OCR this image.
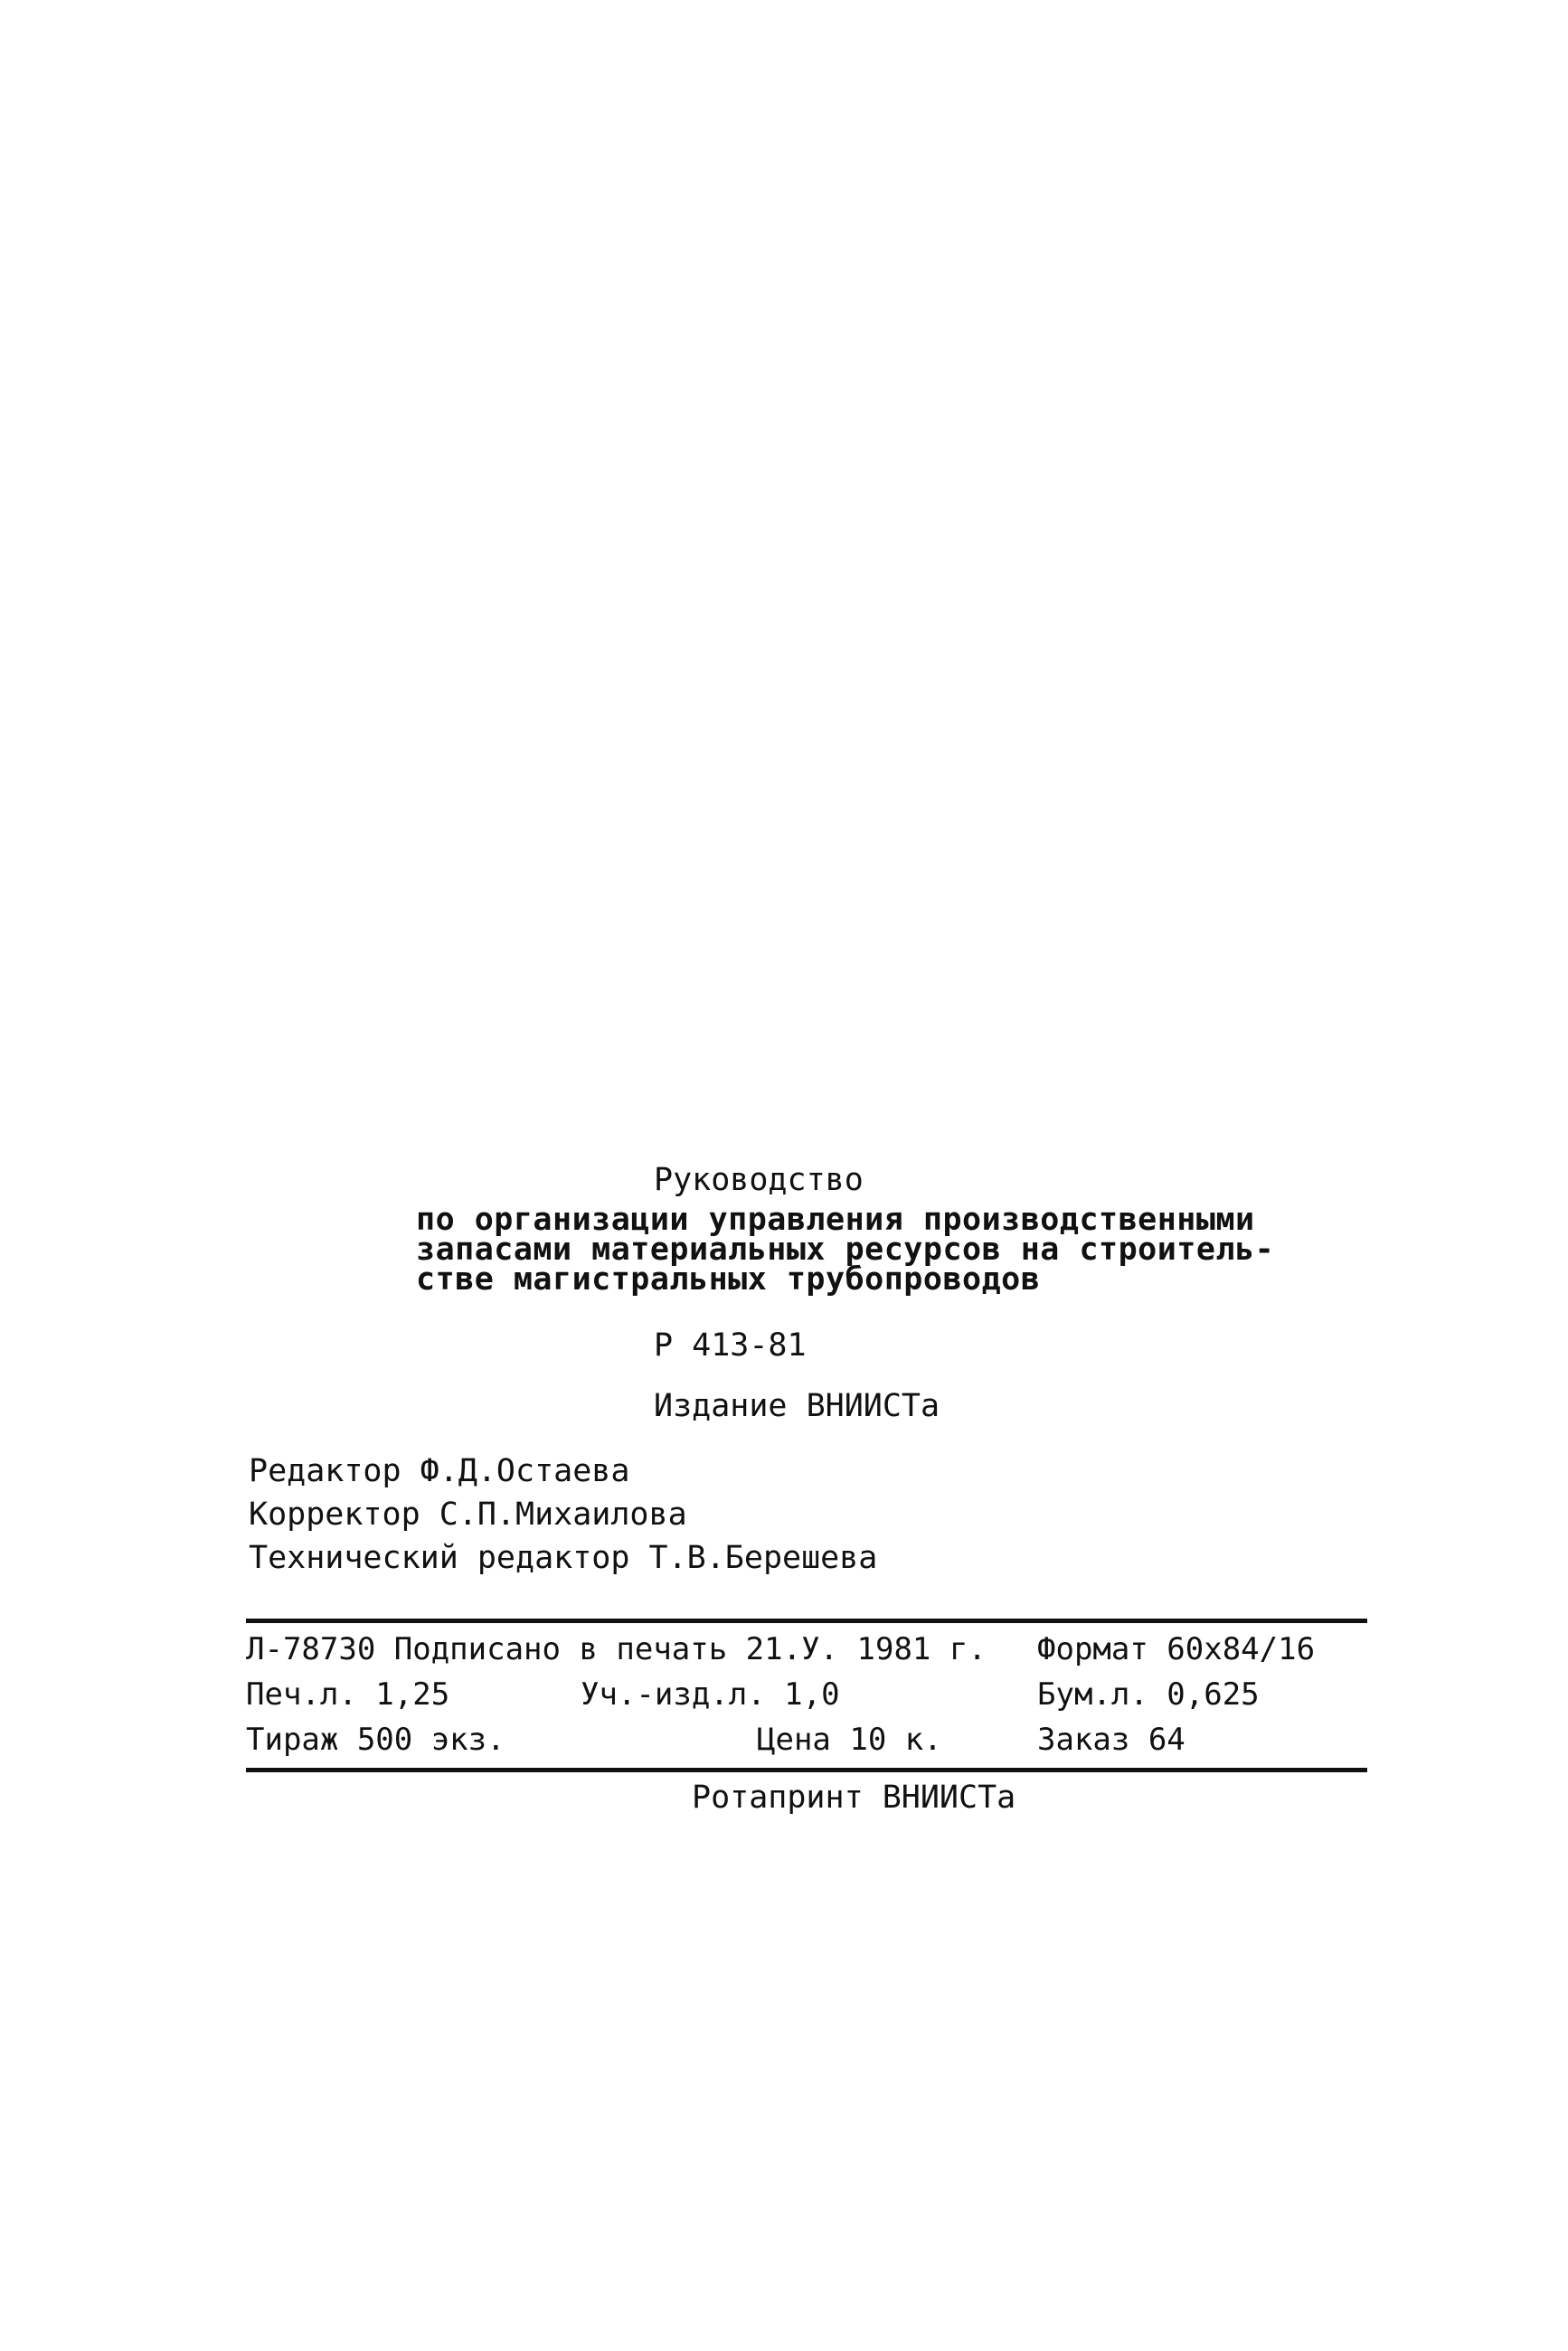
Руководство
по организации управления производственными
запасами материальных ресурсов на строитель-
стве магистральных трубопроводов
Р 413-81
Издание ВНИИСТа
Редактор Ф.Д.Остаева
Корректор С.П.Михаилова
Технический редактор Т.В.Берешева
Л-78730 Подписано в печать 21.У. 1981 г. Формат 60х84/16
Печ.л. 1,25	Уч.-изд.л. 1,0	Бум.л. 0,625
Тираж 500 экз.	Цена 10 к.	Заказ 64
Ротапринт ВНИИСТа
